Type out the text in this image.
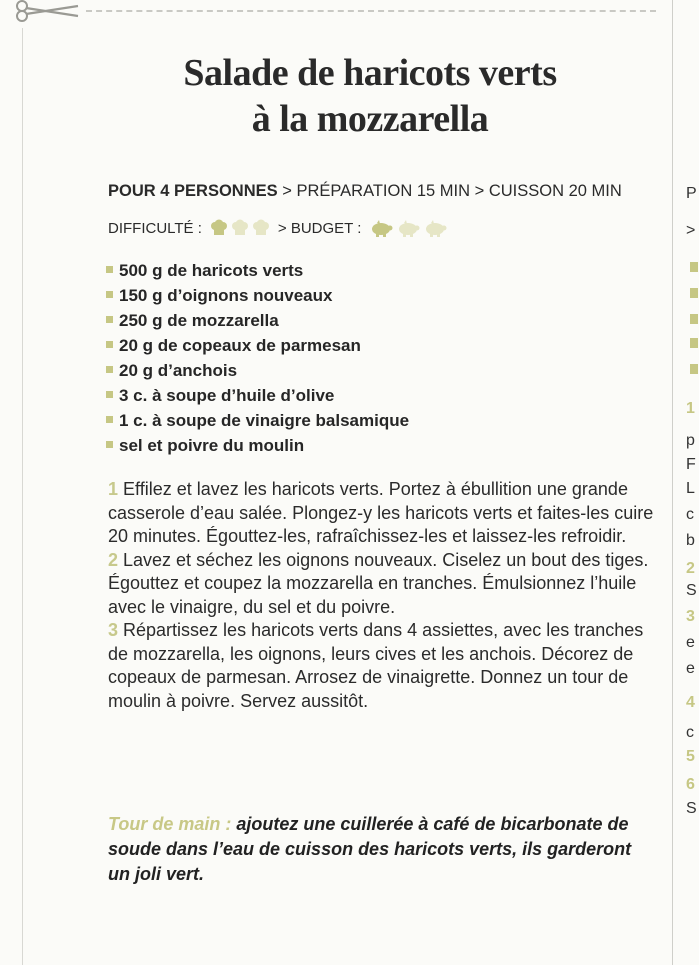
Salade de haricots verts
à la mozzarella
POUR 4 PERSONNES > PRÉPARATION 15 MIN > CUISSON 20 MIN
DIFFICULTÉ :	> BUDGET :
500 g de haricots verts
150 g d’oignons nouveaux
250 g de mozzarella
20 g de copeaux de parmesan
20 g d’anchois
3 c. à soupe d’huile d’olive
1 c. à soupe de vinaigre balsamique
sel et poivre du moulin

1 Effilez et lavez les haricots verts. Portez à ébullition une grande casserole d’eau salée. Plongez-y les haricots verts et faites-les cuire 20 minutes. Égouttez-les, rafraîchissez-les et laissez-les refroidir.

2 Lavez et séchez les oignons nouveaux. Ciselez un bout des tiges. Égouttez et coupez la mozzarella en tranches. Émulsionnez l’huile avec le vinaigre, du sel et du poivre.

3 Répartissez les haricots verts dans 4 assiettes, avec les tranches de mozzarella, les oignons, leurs cives et les anchois. Décorez de copeaux de parmesan. Arrosez de vinaigrette. Donnez un tour de moulin à poivre. Servez aussitôt.

Tour de main : ajoutez une cuillerée à café de bicarbonate de soude dans l’eau de cuisson des haricots verts, ils garderont un joli vert.
P
>
1
p
F
L
c
b
2
S
3
e
e
4
c
5
6
S
